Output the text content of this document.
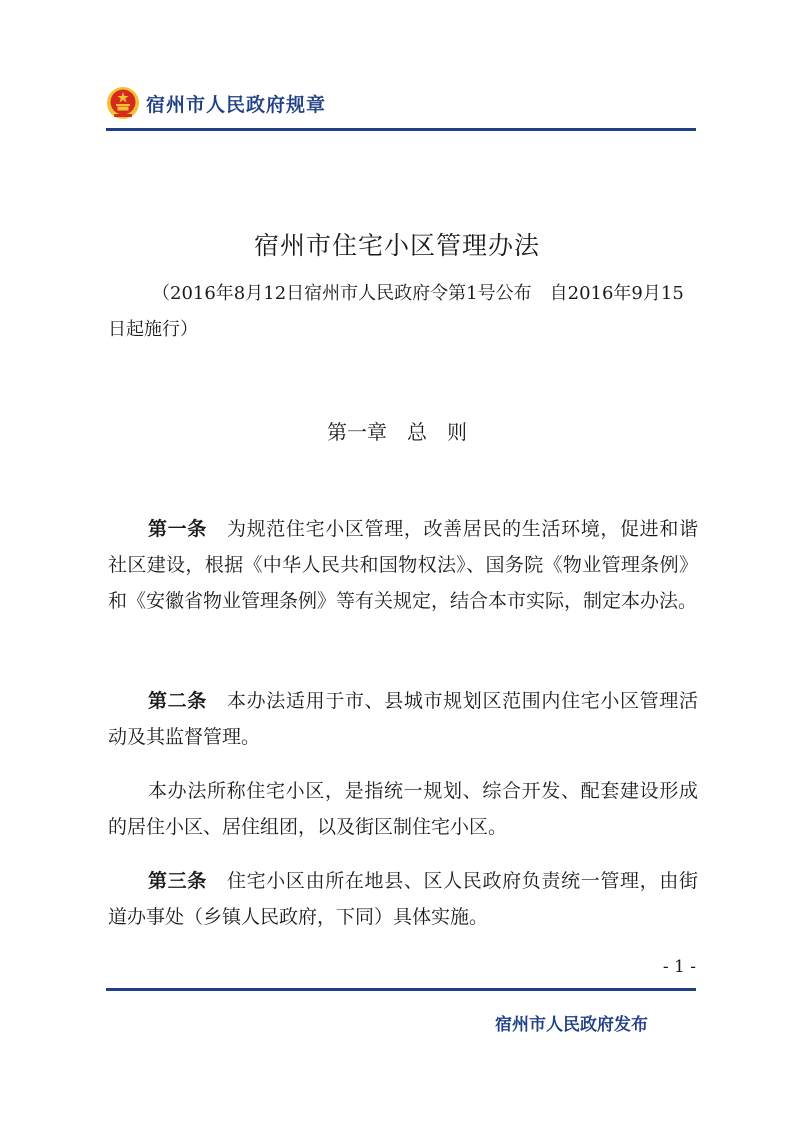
宿州市人民政府规章
宿州市住宅小区管理办法

（2016年8月12日宿州市人民政府令第1号公布　自2016年9月15日起施行）

第一章　总　则

第一条 为规范住宅小区管理，改善居民的生活环境，促进和谐社区建设，根据《中华人民共和国物权法》、国务院《物业管理条例》和《安徽省物业管理条例》等有关规定，结合本市实际，制定本办法。

第二条 本办法适用于市、县城市规划区范围内住宅小区管理活动及其监督管理。

本办法所称住宅小区，是指统一规划、综合开发、配套建设形成的居住小区、居住组团，以及街区制住宅小区。

第三条 住宅小区由所在地县、区人民政府负责统一管理，由街道办事处（乡镇人民政府，下同）具体实施。

- 1 -
宿州市人民政府发布
